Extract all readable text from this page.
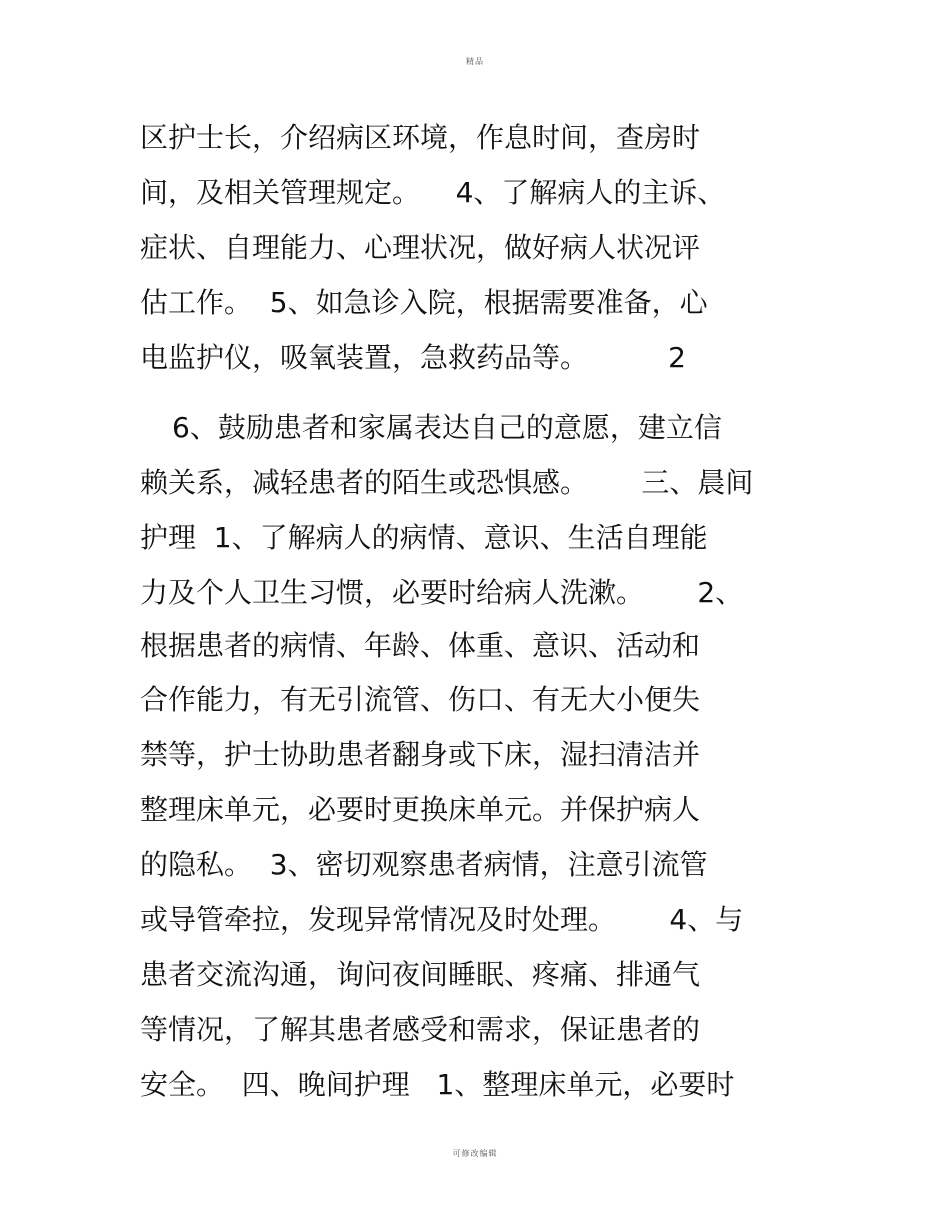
精品
区护士长，介绍病区环境，作息时间，查房时
间，及相关管理规定。    4、了解病人的主诉、
症状、自理能力、心理状况，做好病人状况评
估工作。  5、如急诊入院，根据需要准备，心
电监护仪，吸氧装置，急救药品等。         2
6、鼓励患者和家属表达自己的意愿，建立信
赖关系，减轻患者的陌生或恐惧感。      三、晨间
护理  1、了解病人的病情、意识、生活自理能
力及个人卫生习惯，必要时给病人洗漱。      2、
根据患者的病情、年龄、体重、意识、活动和
合作能力，有无引流管、伤口、有无大小便失
禁等，护士协助患者翻身或下床，湿扫清洁并
整理床单元，必要时更换床单元。并保护病人
的隐私。  3、密切观察患者病情，注意引流管
或导管牵拉，发现异常情况及时处理。      4、与
患者交流沟通，询问夜间睡眠、疼痛、排通气
等情况，了解其患者感受和需求，保证患者的
安全。  四、晚间护理   1、整理床单元，必要时
可修改编辑
